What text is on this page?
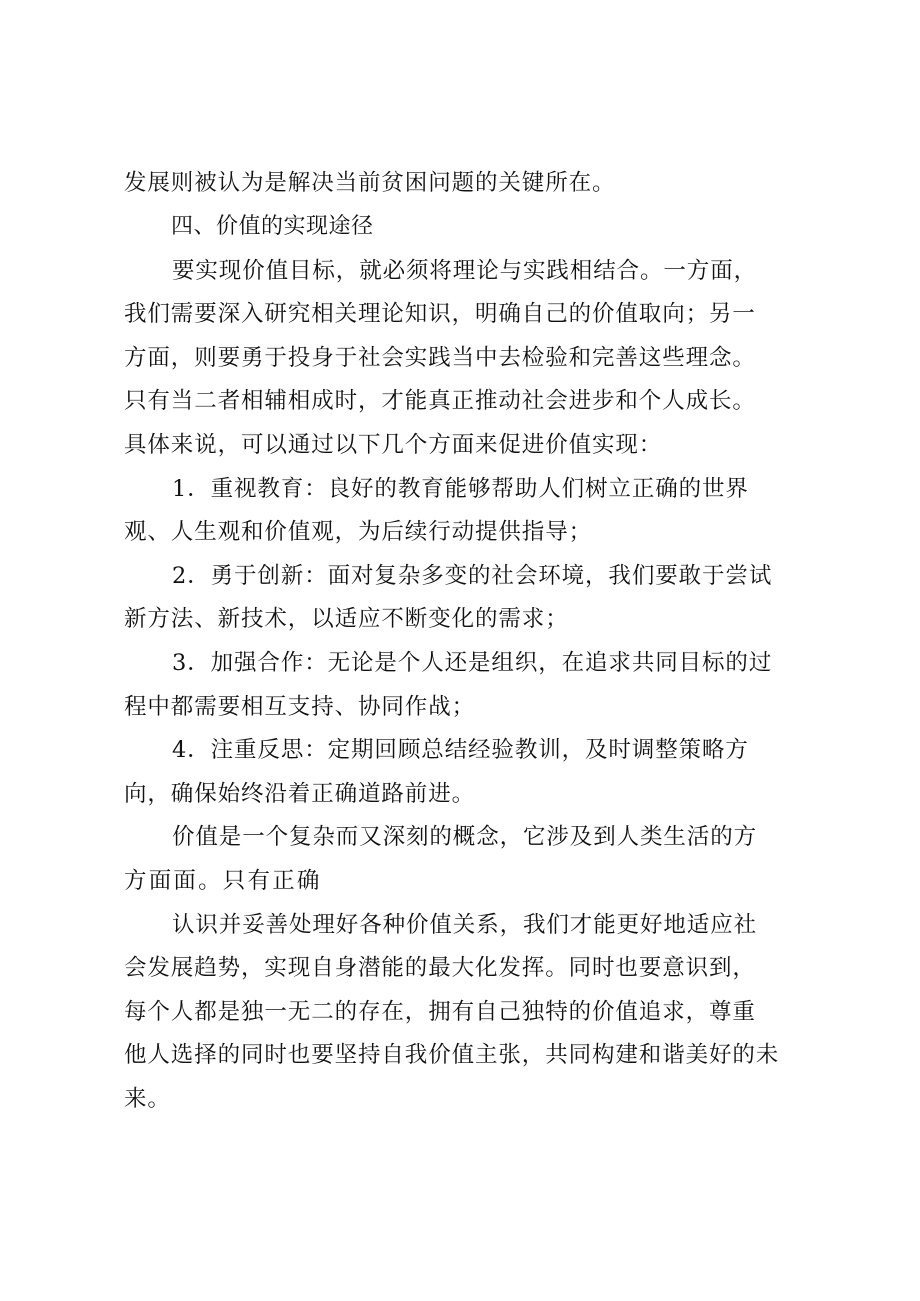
发展则被认为是解决当前贫困问题的关键所在。
四、价值的实现途径
要实现价值目标，就必须将理论与实践相结合。一方面，
我们需要深入研究相关理论知识，明确自己的价值取向；另一
方面，则要勇于投身于社会实践当中去检验和完善这些理念。
只有当二者相辅相成时，才能真正推动社会进步和个人成长。
具体来说，可以通过以下几个方面来促进价值实现：
1．重视教育：良好的教育能够帮助人们树立正确的世界
观、人生观和价值观，为后续行动提供指导；
2．勇于创新：面对复杂多变的社会环境，我们要敢于尝试
新方法、新技术，以适应不断变化的需求；
3．加强合作：无论是个人还是组织，在追求共同目标的过
程中都需要相互支持、协同作战；
4．注重反思：定期回顾总结经验教训，及时调整策略方
向，确保始终沿着正确道路前进。
价值是一个复杂而又深刻的概念，它涉及到人类生活的方
方面面。只有正确
认识并妥善处理好各种价值关系，我们才能更好地适应社
会发展趋势，实现自身潜能的最大化发挥。同时也要意识到，
每个人都是独一无二的存在，拥有自己独特的价值追求，尊重
他人选择的同时也要坚持自我价值主张，共同构建和谐美好的未
来。
